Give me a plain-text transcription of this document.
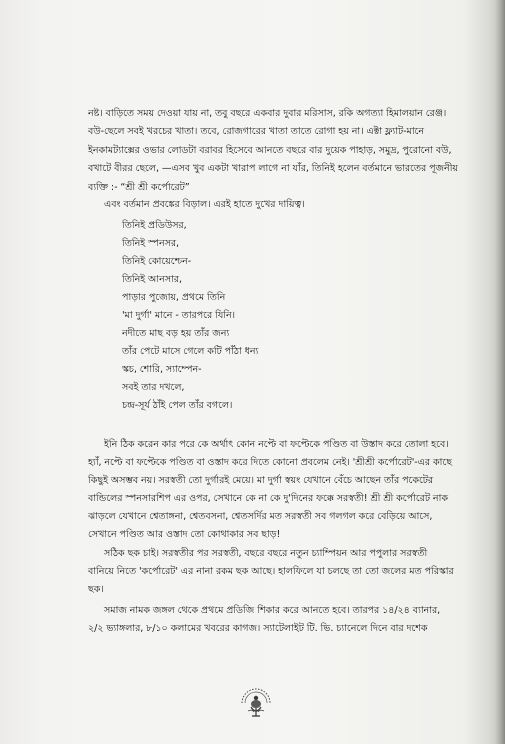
নষ্ট। বাড়িতে সময় দেওয়া যায় না, তবু বছরে একবার দুবার মরিসাস, রকি অগত্যা হিমালয়ান রেঞ্জ।

বউ-ছেলে সবই খরচের খাতা। তবে, রোজগারের খাতা তাতে রোগা হয় না। এক্টা ফ্ল্যাট-মানে

ইনকামট্যাক্সের ওভার লোডটা বরাবর হিসেবে আনতে বছরে বার দুয়েক পাহাড়, সমুদ্র, পুরোনো বউ,

বখাটে বীরর ছেলে, —এসব খুব একটা খারাপ লাগে না যাঁর, তিনিই হলেন বর্তমানে ভারতের পূজনীয়

ব্যক্তি :- “শ্রী শ্রী কর্পোরেট”

এবং বর্তমান প্রবঙ্কের বিড়াল। এরই হাতে দুখের দায়িত্ব।

তিনিই প্রডিউসর,

তিনিই স্পনসর,

তিনিই কোয়েশ্চেন-

তিনিই আনসার,

পাড়ার পুজোয়, প্রথমে তিনি

'মা দুর্গা' মানে - তারপরে যিনি।

নদীতে মাছ বড় হয় তাঁর জন্য

তাঁর পেটে মাসে গেলে কটি পাঁঠা ধন্য

স্কচ, শোরি, স্যাম্পেন-

সবই তার দখলে,

চন্দ্র-সূর্য ঠাঁই পেল তাঁর বগলে।

ইনি ঠিক করেন কার পরে কে অর্থাৎ কোন নপ্টে বা ফপ্টেকে পণ্ডিত বা উস্তাদ করে তোলা হবে।

হ্যাঁ, নপ্টে বা ফপ্টেকে পণ্ডিত বা ওস্তাদ করে দিতে কোনো প্রবলেম নেই। 'শ্রীশ্রী কর্পোরেট'-এর কাছে

কিছুই অসম্ভব নয়। সরস্বতী তো দুর্গারই মেয়ে। মা দুর্গা স্বয়ং যেখানে বেঁচে আছেন তাঁর পকেটের

বান্ডিলের স্পনসারশিপ এর ওপর, সেখানে কে না কে দু'দিনের ফক্কে সরস্বতী! শ্রী শ্রী কর্পোরেট নাক

ঝাড়লে যেখানে শ্বেতাঙ্গনা, শ্বেতবসনা, শ্বেতসর্দির মত সরস্বতী সব গলগল করে বেড়িয়ে আসে,

সেখানে পণ্ডিত আর ওস্তাদ তো কোথাকার সব ছাড়!

সঠিক ছক চাই। সরস্বতীর পর সরস্বতী, বছরে বছরে নতুন চ্যাম্পিয়ন আর পপুলার সরস্বতী

বানিয়ে নিতে 'কর্পোরেট' এর নানা রকম ছক আছে। হালফিলে যা চলছে তা তো জলের মত পরিস্কার

ছক।

সমাজ নামক জঙ্গল থেকে প্রথমে প্রডিজি শিকার করে আনতে হবে। তারপর ১৪/২৪ ব্যানার,

২/২ ভ্যাঙ্গলার, ৮/১০ কলামের খবরের কাগজ। স্যাটেলাইট টি. ভি. চ্যানেলে দিনে বার দশেক
